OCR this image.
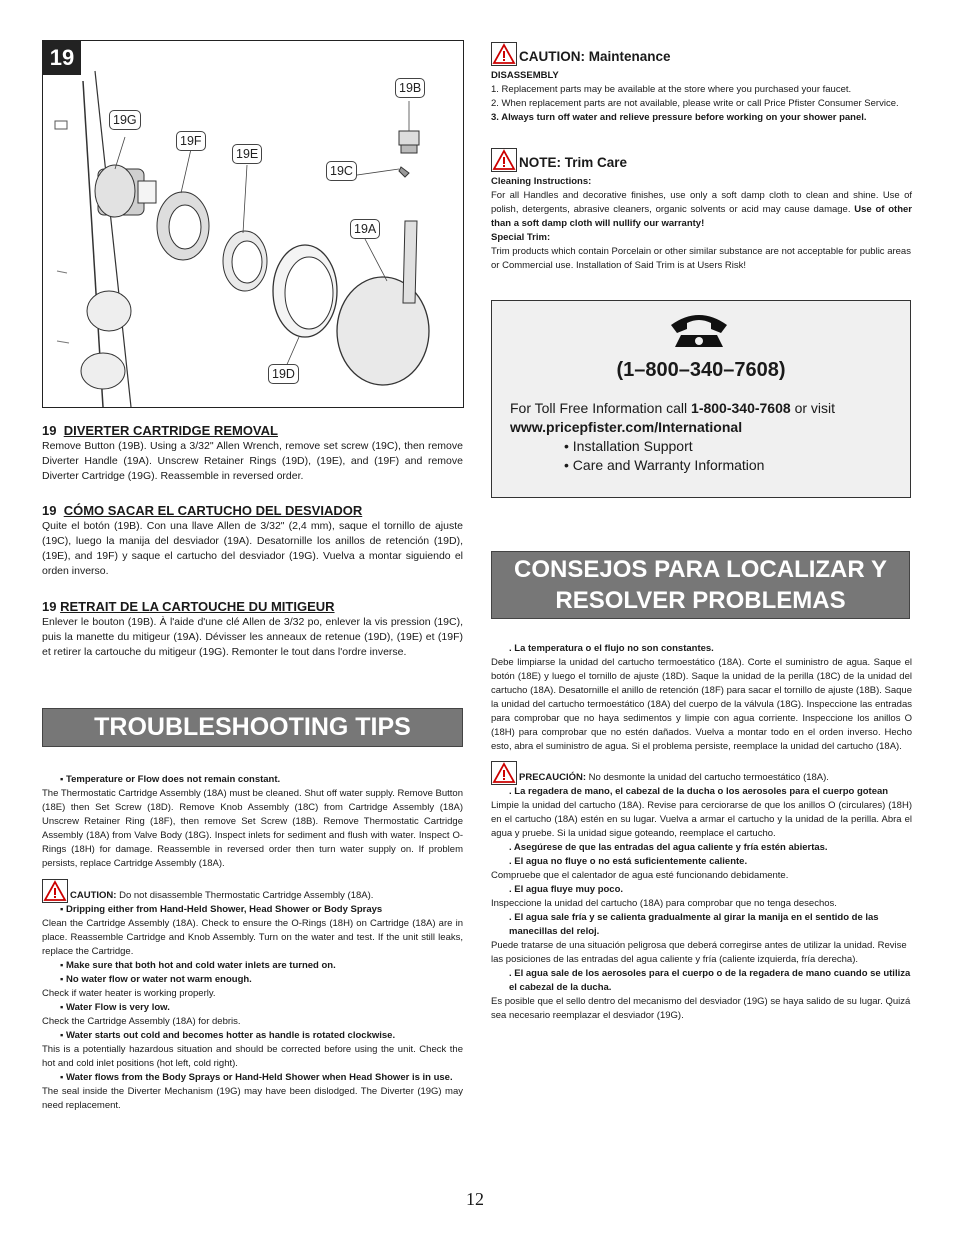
19
19B
19G
19F
19E
19C
19A
19D
19 DIVERTER CARTRIDGE REMOVAL

Remove Button (19B). Using a 3/32" Allen Wrench, remove set screw (19C), then remove Diverter Handle (19A). Unscrew Retainer Rings (19D), (19E), and (19F) and remove Diverter Cartridge (19G). Reassemble in reversed order.

19 CÓMO SACAR EL CARTUCHO DEL DESVIADOR

Quite el botón (19B). Con una llave Allen de 3/32" (2,4 mm), saque el tornillo de ajuste (19C), luego la manija del desviador (19A). Desatornille los anillos de retención (19D), (19E), and 19F) y saque el cartucho del desviador (19G). Vuelva a montar siguiendo el orden inverso.

19 RETRAIT DE LA CARTOUCHE DU MITIGEUR

Enlever le bouton (19B). À l'aide d'une clé Allen de 3/32 po, enlever la vis pression (19C), puis la manette du mitigeur (19A). Dévisser les anneaux de retenue (19D), (19E) et (19F) et retirer la cartouche du mitigeur (19G). Remonter le tout dans l'ordre inverse.

TROUBLESHOOTING TIPS
▪ Temperature or Flow does not remain constant.

The Thermostatic Cartridge Assembly (18A) must be cleaned. Shut off water supply. Remove Button (18E) then Set Screw (18D). Remove Knob Assembly (18C) from Cartridge Assembly (18A) Unscrew Retainer Ring (18F), then remove Set Screw (18B). Remove Thermostatic Cartridge Assembly (18A) from Valve Body (18G). Inspect inlets for sediment and flush with water. Inspect O-Rings (18H) for damage. Reassemble in reversed order then turn water supply on. If problem persists, replace Cartridge Assembly (18A).

CAUTION: Do not disassemble Thermostatic Cartridge Assembly (18A).
▪ Dripping either from Hand-Held Shower, Head Shower or Body Sprays

Clean the Cartridge Assembly (18A). Check to ensure the O-Rings (18H) on Cartridge (18A) are in place. Reassemble Cartridge and Knob Assembly. Turn on the water and test. If the unit still leaks, replace the Cartridge.

▪ Make sure that both hot and cold water inlets are turned on.
▪ No water flow or water not warm enough.

Check if water heater is working properly.

▪ Water Flow is very low.

Check the Cartridge Assembly (18A) for debris.

▪ Water starts out cold and becomes hotter as handle is rotated clockwise.

This is a potentially hazardous situation and should be corrected before using the unit. Check the hot and cold inlet positions (hot left, cold right).

▪ Water flows from the Body Sprays or Hand-Held Shower when Head Shower is in use.

The seal inside the Diverter Mechanism (19G) may have been dislodged. The Diverter (19G) may need replacement.

CAUTION: Maintenance
DISASSEMBLY
1. Replacement parts may be available at the store where you purchased your faucet.
2. When replacement parts are not available, please write or call Price Pfister Consumer Service.
3. Always turn off water and relieve pressure before working on your shower panel.
NOTE: Trim Care
Cleaning Instructions:
For all Handles and decorative finishes, use only a soft damp cloth to clean and shine. Use of polish, detergents, abrasive cleaners, organic solvents or acid may cause damage. Use of other than a soft damp cloth will nullify our warranty!
Special Trim:
Trim products which contain Porcelain or other similar substance are not acceptable for public areas or Commercial use. Installation of Said Trim is at Users Risk!
(1–800–340–7608)
For Toll Free Information call 1-800-340-7608 or visit
www.pricepfister.com/International
• Installation Support
• Care and Warranty Information
CONSEJOS PARA LOCALIZAR Y
RESOLVER PROBLEMAS
. La temperatura o el flujo no son constantes.

Debe limpiarse la unidad del cartucho termoestático (18A). Corte el suministro de agua. Saque el botón (18E) y luego el tornillo de ajuste (18D). Saque la unidad de la perilla (18C) de la unidad del cartucho (18A). Desatornille el anillo de retención (18F) para sacar el tornillo de ajuste (18B). Saque la unidad del cartucho termoestático (18A) del cuerpo de la válvula (18G). Inspeccione las entradas para comprobar que no haya sedimentos y limpie con agua corriente. Inspeccione los anillos O (18H) para comprobar que no estén dañados. Vuelva a montar todo en el orden inverso. Hecho esto, abra el suministro de agua. Si el problema persiste, reemplace la unidad del cartucho (18A).

PRECAUCIÓN: No desmonte la unidad del cartucho termoestático (18A).
. La regadera de mano, el cabezal de la ducha o los aerosoles para el cuerpo gotean

Limpie la unidad del cartucho (18A). Revise para cerciorarse de que los anillos O (circulares) (18H) en el cartucho (18A) estén en su lugar. Vuelva a armar el cartucho y la unidad de la perilla. Abra el agua y pruebe. Si la unidad sigue goteando, reemplace el cartucho.

. Asegúrese de que las entradas del agua caliente y fría estén abiertas.
. El agua no fluye o no está suficientemente caliente.

Compruebe que el calentador de agua esté funcionando debidamente.

. El agua fluye muy poco.

Inspeccione la unidad del cartucho (18A) para comprobar que no tenga desechos.

. El agua sale fría y se calienta gradualmente al girar la manija en el sentido de las manecillas del reloj.

Puede tratarse de una situación peligrosa que deberá corregirse antes de utilizar la unidad. Revise las posiciones de las entradas del agua caliente y fría (caliente izquierda, fría derecha).

. El agua sale de los aerosoles para el cuerpo o de la regadera de mano cuando se utiliza el cabezal de la ducha.

Es posible que el sello dentro del mecanismo del desviador (19G) se haya salido de su lugar. Quizá sea necesario reemplazar el desviador (19G).

12
